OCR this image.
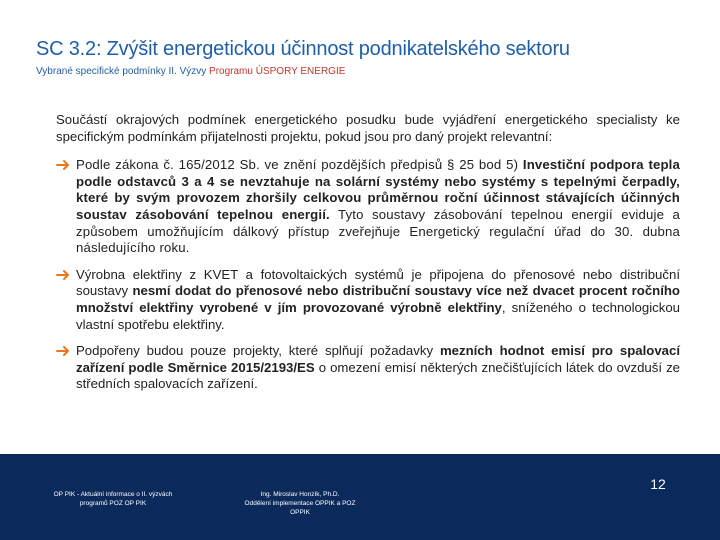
SC 3.2: Zvýšit energetickou účinnost podnikatelského sektoru
Vybrané specifické podmínky II. Výzvy Programu ÚSPORY ENERGIE

Součástí okrajových podmínek energetického posudku bude vyjádření energetického specialisty ke specifickým podmínkám přijatelnosti projektu, pokud jsou pro daný projekt relevantní:

Podle zákona č. 165/2012 Sb. ve znění pozdějších předpisů § 25 bod 5) Investiční podpora tepla podle odstavců 3 a 4 se nevztahuje na solární systémy nebo systémy s tepelnými čerpadly, které by svým provozem zhoršily celkovou průměrnou roční účinnost stávajících účinných soustav zásobování tepelnou energií. Tyto soustavy zásobování tepelnou energií eviduje a způsobem umožňujícím dálkový přístup zveřejňuje Energetický regulační úřad do 30. dubna následujícího roku.

Výrobna elektřiny z KVET a fotovoltaických systémů je připojena do přenosové nebo distribuční soustavy nesmí dodat do přenosové nebo distribuční soustavy více než dvacet procent ročního množství elektřiny vyrobené v jím provozované výrobně elektřiny, sníženého o technologickou vlastní spotřebu elektřiny.

Podpořeny budou pouze projekty, které splňují požadavky mezních hodnot emisí pro spalovací zařízení podle Směrnice 2015/2193/ES o omezení emisí některých znečišťujících látek do ovzduší ze středních spalovacích zařízení.

OP PIK - Aktuální informace o II. výzvách
programů POZ OP PIK
Ing. Miroslav Honzík, Ph.D.
Oddělení implementace OPPIK a POZ
OPPIK
12
